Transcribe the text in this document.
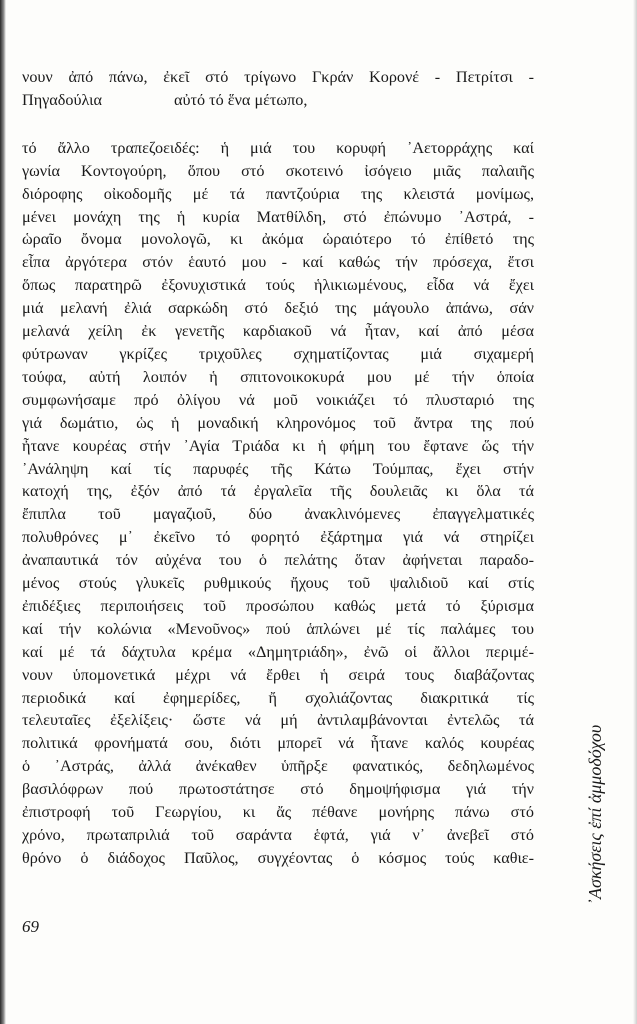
νουν ἀπό πάνω, ἐκεῖ στό τρίγωνο Γκράν Κορονέ - Πετρίτσι -
Πηγαδούλια	αὐτό τό ἕνα μέτωπο,
τό ἄλλο τραπεζοειδές: ἡ μιά του κορυφή ᾿Αετορράχης καί
γωνία Κοντογούρη, ὅπου στό σκοτεινό ἰσόγειο μιᾶς παλαιῆς
διόροφης οἰκοδομῆς μέ τά παντζούρια της κλειστά μονίμως,
μένει μονάχη της ἡ κυρία Ματθίλδη, στό ἐπώνυμο ᾿Αστρά, -
ὡραῖο ὄνομα μονολογῶ, κι ἀκόμα ὡραιότερο τό ἐπίθετό της
εἶπα ἀργότερα στόν ἑαυτό μου - καί καθώς τήν πρόσεχα, ἔτσι
ὅπως παρατηρῶ ἐξονυχιστικά τούς ἡλικιωμένους, εἶδα νά ἔχει
μιά μελανή ἐλιά σαρκώδη στό δεξιό της μάγουλο ἀπάνω, σάν
μελανά χείλη ἐκ γενετῆς καρδιακοῦ νά ἦταν, καί ἀπό μέσα
φύτρωναν γκρίζες τριχοῦλες σχηματίζοντας μιά σιχαμερή
τούφα, αὐτή λοιπόν ἡ σπιτονοικοκυρά μου μέ τήν ὁποία
συμφωνήσαμε πρό ὀλίγου νά μοῦ νοικιάζει τό πλυσταριό της
γιά δωμάτιο, ὡς ἡ μοναδική κληρονόμος τοῦ ἄντρα της πού
ἦτανε κουρέας στήν ᾿Αγία Τριάδα κι ἡ φήμη του ἔφτανε ὥς τήν
᾿Ανάληψη καί τίς παρυφές τῆς Κάτω Τούμπας, ἔχει στήν
κατοχή της, ἐξόν ἀπό τά ἐργαλεῖα τῆς δουλειᾶς κι ὅλα τά
ἔπιπλα τοῦ μαγαζιοῦ, δύο ἀνακλινόμενες ἐπαγγελματικές
πολυθρόνες μ᾿ ἐκεῖνο τό φορητό ἐξάρτημα γιά νά στηρίζει
ἀναπαυτικά τόν αὐχένα του ὁ πελάτης ὅταν ἀφήνεται παραδο-
μένος στούς γλυκεῖς ρυθμικούς ἤχους τοῦ ψαλιδιοῦ καί στίς
ἐπιδέξιες περιποιήσεις τοῦ προσώπου καθώς μετά τό ξύρισμα
καί τήν κολώνια «Μενοῦνος» πού ἁπλώνει μέ τίς παλάμες του
καί μέ τά δάχτυλα κρέμα «Δημητριάδη», ἐνῶ οἱ ἄλλοι περιμέ-
νουν ὑπομονετικά μέχρι νά ἔρθει ἡ σειρά τους διαβάζοντας
περιοδικά καί ἐφημερίδες, ἤ σχολιάζοντας διακριτικά τίς
τελευταῖες ἐξελίξεις· ὥστε νά μή ἀντιλαμβάνονται ἐντελῶς τά
πολιτικά φρονήματά σου, διότι μπορεῖ νά ἦτανε καλός κουρέας
ὁ ᾿Αστράς, ἀλλά ἀνέκαθεν ὑπῆρξε φανατικός, δεδηλωμένος
βασιλόφρων πού πρωτοστάτησε στό δημοψήφισμα γιά τήν
ἐπιστροφή τοῦ Γεωργίου, κι ἄς πέθανε μονήρης πάνω στό
χρόνο, πρωταπριλιά τοῦ σαράντα ἑφτά, γιά ν᾿ ἀνεβεῖ στό
θρόνο ὁ διάδοχος Παῦλος, συγχέοντας ὁ κόσμος τούς καθιε-
69
᾿Ασκήσεις ἐπί ἀμμοδόχου
